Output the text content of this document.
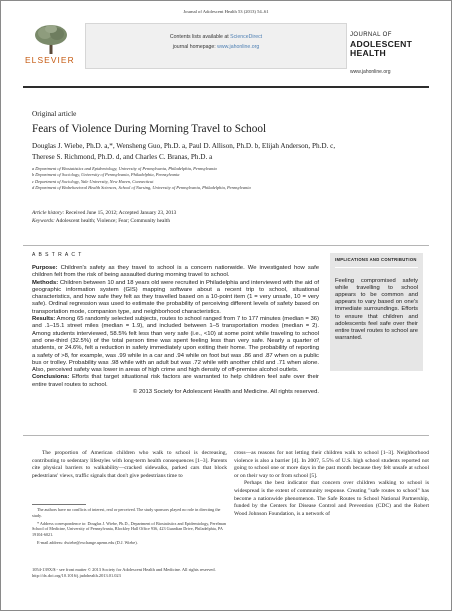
Journal of Adolescent Health 53 (2013) 54–61
ELSEVIER
Contents lists available at ScienceDirect
journal homepage: www.jahonline.org
JOURNAL OF
ADOLESCENT
HEALTH
www.jahonline.org
Original article
Fears of Violence During Morning Travel to School
Douglas J. Wiebe, Ph.D. a,*, Wensheng Guo, Ph.D. a, Paul D. Allison, Ph.D. b, Elijah Anderson, Ph.D. c,
Therese S. Richmond, Ph.D. d, and Charles C. Branas, Ph.D. a
a Department of Biostatistics and Epidemiology, University of Pennsylvania, Philadelphia, Pennsylvania
b Department of Sociology, University of Pennsylvania, Philadelphia, Pennsylvania
c Department of Sociology, Yale University, New Haven, Connecticut
d Department of Biobehavioral Health Sciences, School of Nursing, University of Pennsylvania, Philadelphia, Pennsylvania
Article history: Received June 15, 2012; Accepted January 23, 2013
Keywords: Adolescent health; Violence; Fear; Community health
A B S T R A C T

Purpose: Children's safety as they travel to school is a concern nationwide. We investigated how safe children felt from the risk of being assaulted during morning travel to school.

Methods: Children between 10 and 18 years old were recruited in Philadelphia and interviewed with the aid of geographic information system (GIS) mapping software about a recent trip to school, situational characteristics, and how safe they felt as they travelled based on a 10-point item (1 = very unsafe, 10 = very safe). Ordinal regression was used to estimate the probability of perceiving different levels of safety based on transportation mode, companion type, and neighborhood characteristics.

Results: Among 65 randomly selected subjects, routes to school ranged from 7 to 177 minutes (median = 36) and .1–15.1 street miles (median = 1.9), and included between 1–5 transportation modes (median = 2). Among students interviewed, 58.5% felt less than very safe (i.e., <10) at some point while traveling to school and one-third (32.5%) of the total person time was spent feeling less than very safe. Nearly a quarter of students, or 24.6%, felt a reduction in safety immediately upon exiting their home. The probability of reporting a safety of >8, for example, was .99 while in a car and .94 while on foot but was .86 and .87 when on a public bus or trolley. Probability was .98 while with an adult but was .72 while with another child and .71 when alone. Also, perceived safety was lower in areas of high crime and high density of off-premise alcohol outlets.

Conclusions: Efforts that target situational risk factors are warranted to help children feel safe over their entire travel routes to school.

© 2013 Society for Adolescent Health and Medicine. All rights reserved.

IMPLICATIONS AND CONTRIBUTION
Feeling compromised safety while travelling to school appears to be common and appears to vary based on one's immediate surroundings. Efforts to ensure that children and adolescents feel safe over their entire travel routes to school are warranted.

The proportion of American children who walk to school is decreasing, contributing to sedentary lifestyles with long-term health consequences [1–3]. Parents cite physical barriers to walkability—cracked sidewalks, parked cars that block pedestrians' views, traffic signals that don't give pedestrians time to

cross—as reasons for not letting their children walk to school [1–3]. Neighborhood violence is also a barrier [4]. In 2007, 5.5% of U.S. high school students reported not going to school one or more days in the past month because they felt unsafe at school or on their way to or from school [5].

Perhaps the best indicator that concern over children walking to school is widespread is the extent of community response. Creating "safe routes to school" has become a nationwide phenomenon. The Safe Routes to School National Partnership, funded by the Centers for Disease Control and Prevention (CDC) and the Robert Wood Johnson Foundation, is a network of

The authors have no conflicts of interest, real or perceived. The study sponsors played no role in directing the study.

* Address correspondence to: Douglas J. Wiebe, Ph.D., Department of Biostatistics and Epidemiology, Perelman School of Medicine, University of Pennsylvania, Blockley Hall Office 936, 423 Guardian Drive, Philadelphia, PA 19104-6021.

E-mail address: dwiebe@exchange.upenn.edu (D.J. Wiebe).

1054-139X/$ - see front matter © 2013 Society for Adolescent Health and Medicine. All rights reserved.
http://dx.doi.org/10.1016/j.jadohealth.2013.01.023
